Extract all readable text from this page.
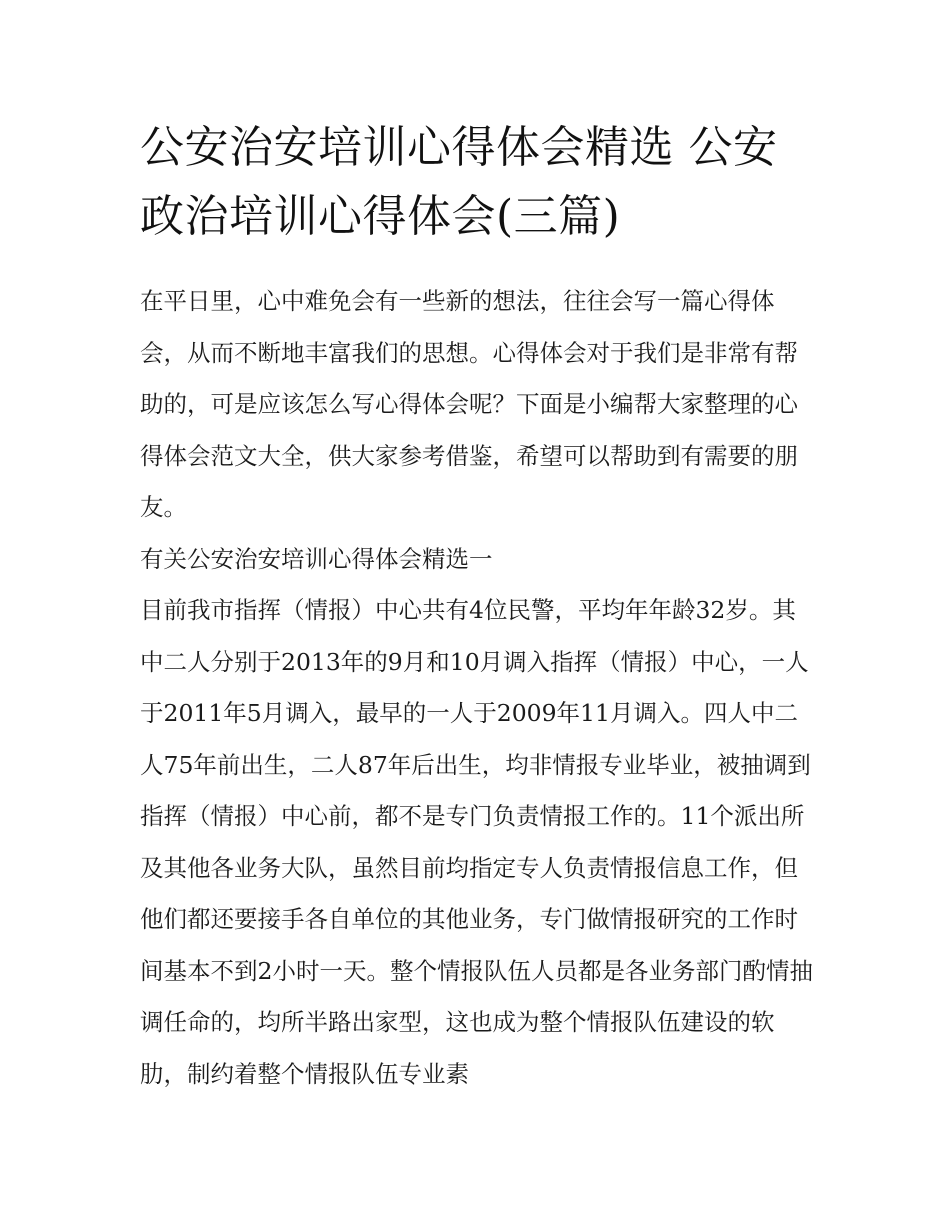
公安治安培训心得体会精选 公安政治培训心得体会(三篇)

在平日里，心中难免会有一些新的想法，往往会写一篇心得体会，从而不断地丰富我们的思想。心得体会对于我们是非常有帮助的，可是应该怎么写心得体会呢？下面是小编帮大家整理的心得体会范文大全，供大家参考借鉴，希望可以帮助到有需要的朋友。

有关公安治安培训心得体会精选一

目前我市指挥（情报）中心共有4位民警，平均年年龄32岁。其中二人分别于2013年的9月和10月调入指挥（情报）中心，一人于2011年5月调入，最早的一人于2009年11月调入。四人中二人75年前出生，二人87年后出生，均非情报专业毕业，被抽调到指挥（情报）中心前，都不是专门负责情报工作的。11个派出所及其他各业务大队，虽然目前均指定专人负责情报信息工作，但他们都还要接手各自单位的其他业务，专门做情报研究的工作时间基本不到2小时一天。整个情报队伍人员都是各业务部门酌情抽调任命的，均所半路出家型，这也成为整个情报队伍建设的软肋，制约着整个情报队伍专业素
